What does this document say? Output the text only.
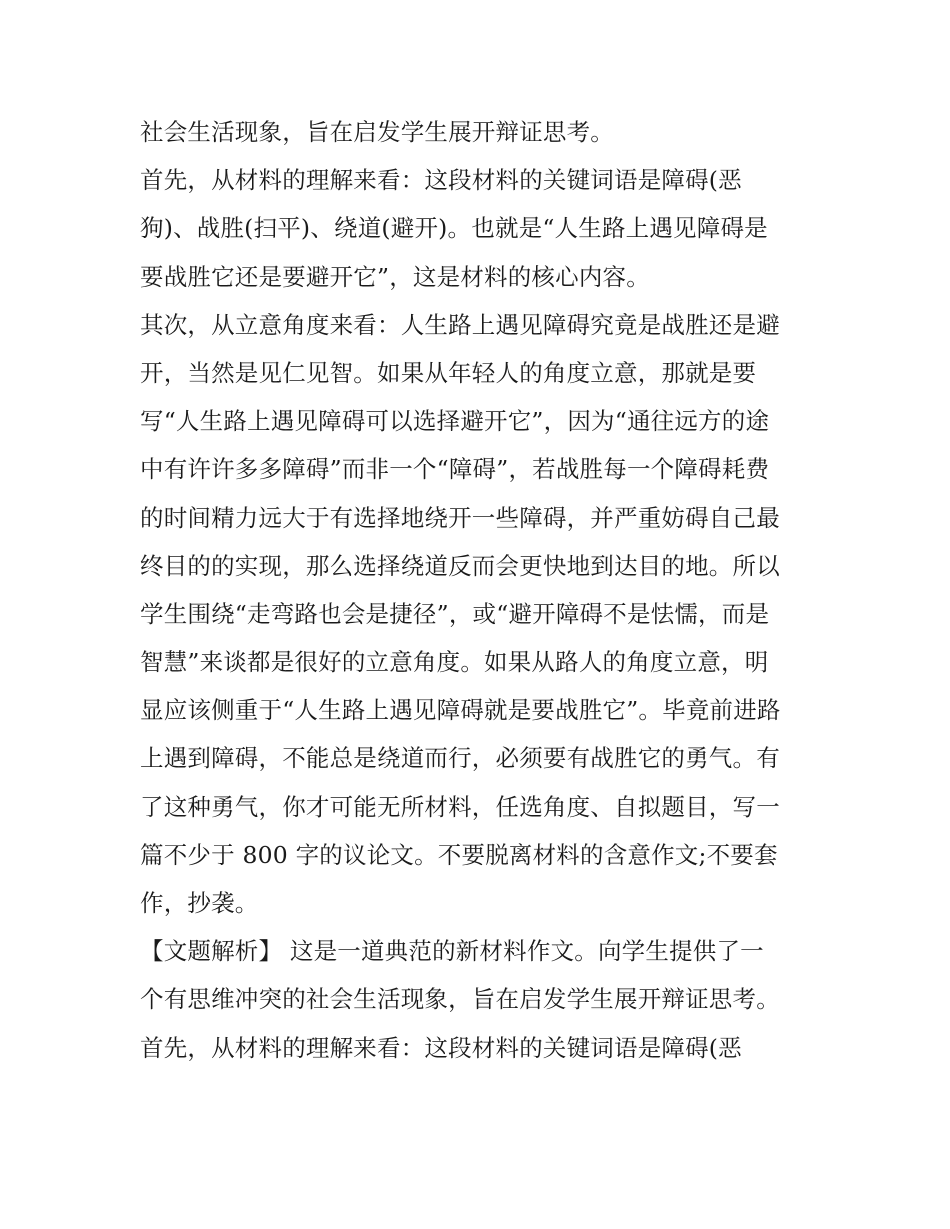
社会生活现象，旨在启发学生展开辩证思考。
首先，从材料的理解来看：这段材料的关键词语是障碍(恶
狗)、战胜(扫平)、绕道(避开)。也就是“人生路上遇见障碍是
要战胜它还是要避开它”，这是材料的核心内容。
其次，从立意角度来看：人生路上遇见障碍究竟是战胜还是避
开，当然是见仁见智。如果从年轻人的角度立意，那就是要
写“人生路上遇见障碍可以选择避开它”，因为“通往远方的途
中有许许多多障碍”而非一个“障碍”，若战胜每一个障碍耗费
的时间精力远大于有选择地绕开一些障碍，并严重妨碍自己最
终目的的实现，那么选择绕道反而会更快地到达目的地。所以
学生围绕“走弯路也会是捷径”，或“避开障碍不是怯懦，而是
智慧”来谈都是很好的立意角度。如果从路人的角度立意，明
显应该侧重于“人生路上遇见障碍就是要战胜它”。毕竟前进路
上遇到障碍，不能总是绕道而行，必须要有战胜它的勇气。有
了这种勇气，你才可能无所材料，任选角度、自拟题目，写一
篇不少于 800 字的议论文。不要脱离材料的含意作文;不要套
作，抄袭。
【文题解析】 这是一道典范的新材料作文。向学生提供了一
个有思维冲突的社会生活现象，旨在启发学生展开辩证思考。
首先，从材料的理解来看：这段材料的关键词语是障碍(恶
